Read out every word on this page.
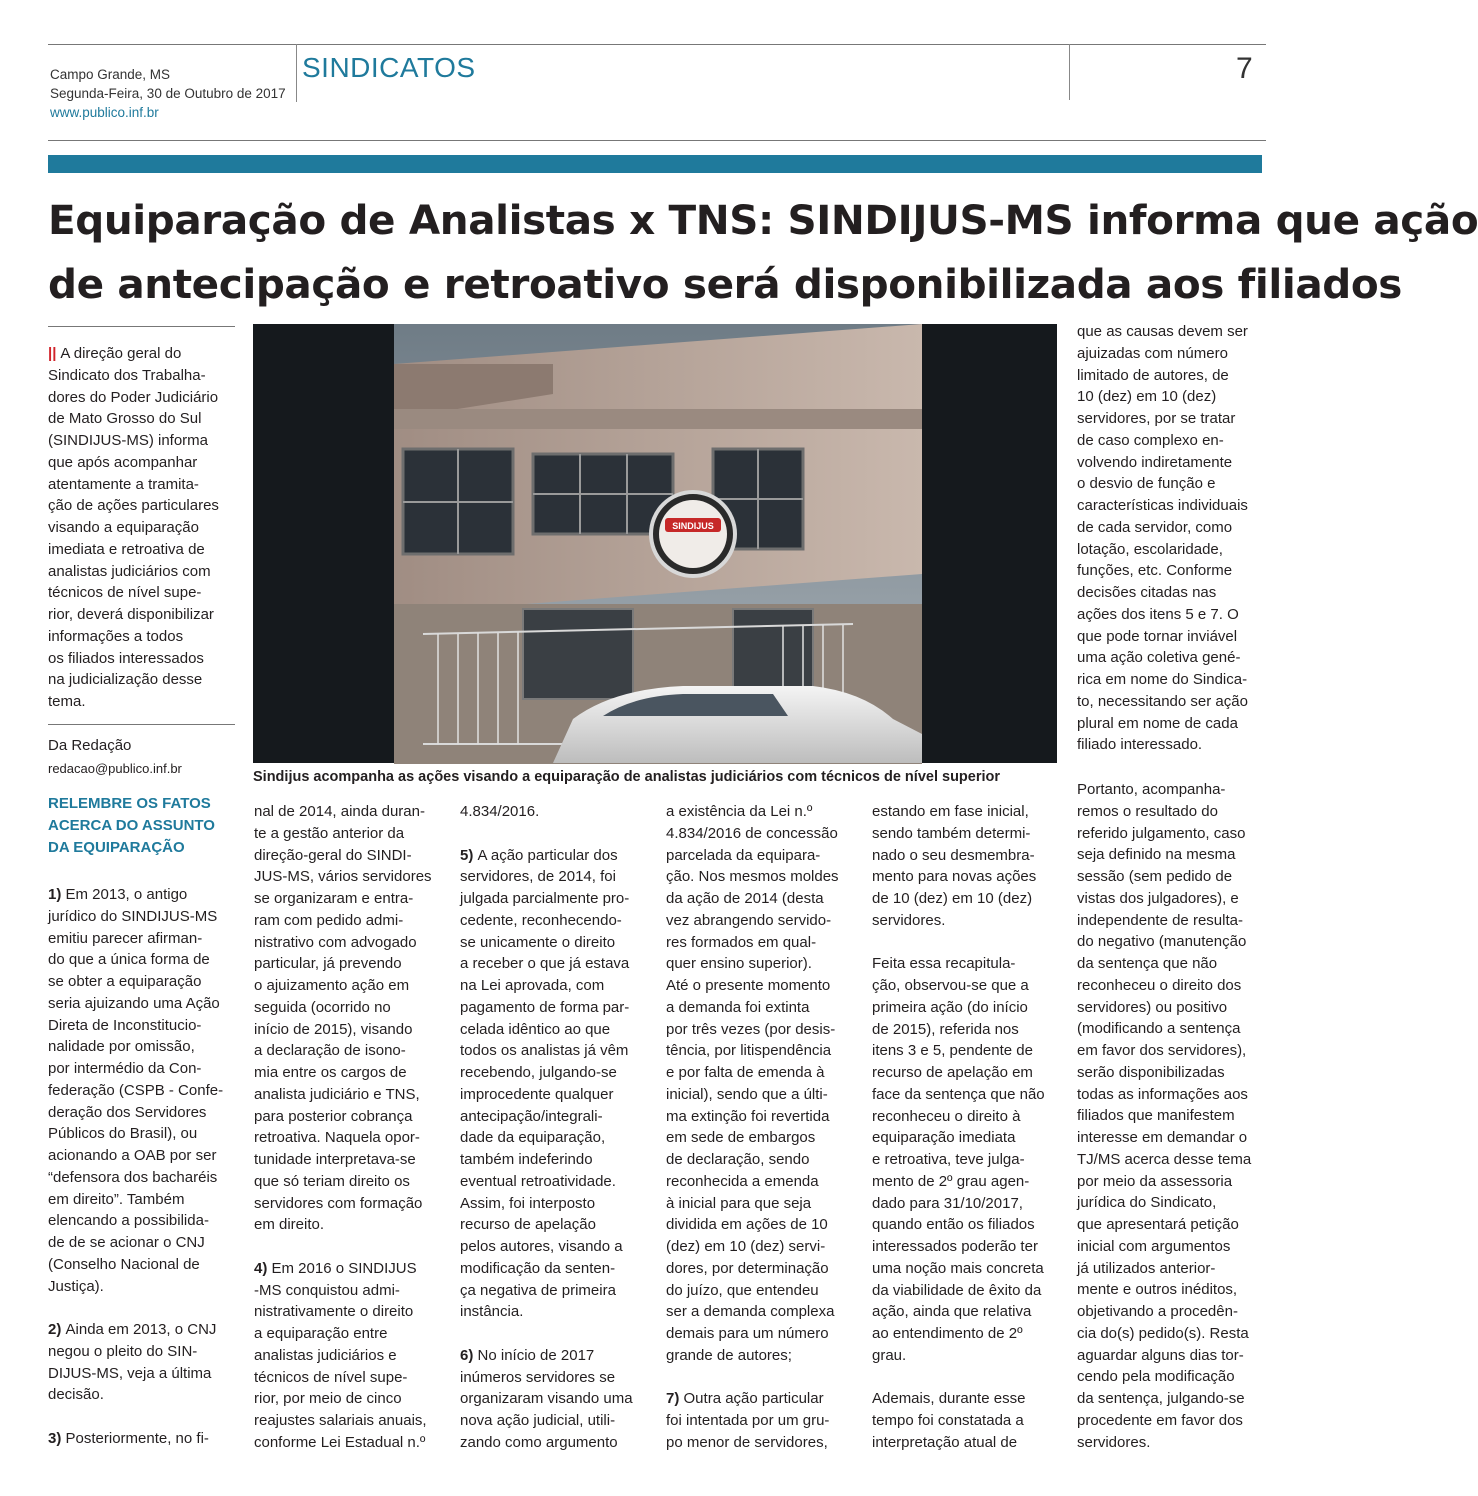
Campo Grande, MS
Segunda-Feira, 30 de Outubro de 2017
www.publico.inf.br
SINDICATOS	7
Equiparação de Analistas x TNS: SINDIJUS-MS informa que ação
de antecipação e retroativo será disponibilizada aos filiados
|| A direção geral do
Sindicato dos Trabalha-
dores do Poder Judiciário
de Mato Grosso do Sul
(SINDIJUS-MS) informa
que após acompanhar
atentamente a tramita-
ção de ações particulares
visando a equiparação
imediata e retroativa de
analistas judiciários com
técnicos de nível supe-
rior, deverá disponibilizar
informações a todos
os filiados interessados
na judicialização desse
tema.
Da Redação
redacao@publico.inf.br
RELEMBRE OS FATOS ACERCA DO ASSUNTO DA EQUIPARAÇÃO
SINDIJUS
Sindijus acompanha as ações visando a equiparação de analistas judiciários com técnicos de nível superior

1) Em 2013, o antigo
jurídico do SINDIJUS-MS
emitiu parecer afirman-
do que a única forma de
se obter a equiparação
seria ajuizando uma Ação
Direta de Inconstitucio-
nalidade por omissão,
por intermédio da Con-
federação (CSPB - Confe-
deração dos Servidores
Públicos do Brasil), ou
acionando a OAB por ser
“defensora dos bacharéis
em direito”. Também
elencando a possibilida-
de de se acionar o CNJ
(Conselho Nacional de
Justiça).

2) Ainda em 2013, o CNJ
negou o pleito do SIN-
DIJUS-MS, veja a última
decisão.

3) Posteriormente, no fi-

nal de 2014, ainda duran-
te a gestão anterior da
direção-geral do SINDI-
JUS-MS, vários servidores
se organizaram e entra-
ram com pedido admi-
nistrativo com advogado
particular, já prevendo
o ajuizamento ação em
seguida (ocorrido no
início de 2015), visando
a declaração de isono-
mia entre os cargos de
analista judiciário e TNS,
para posterior cobrança
retroativa. Naquela opor-
tunidade interpretava-se
que só teriam direito os
servidores com formação
em direito.

4) Em 2016 o SINDIJUS
-MS conquistou admi-
nistrativamente o direito
a equiparação entre
analistas judiciários e
técnicos de nível supe-
rior, por meio de cinco
reajustes salariais anuais,
conforme Lei Estadual n.º

4.834/2016.

5) A ação particular dos
servidores, de 2014, foi
julgada parcialmente pro-
cedente, reconhecendo-
se unicamente o direito
a receber o que já estava
na Lei aprovada, com
pagamento de forma par-
celada idêntico ao que
todos os analistas já vêm
recebendo, julgando-se
improcedente qualquer
antecipação/integrali-
dade da equiparação,
também indeferindo
eventual retroatividade.
Assim, foi interposto
recurso de apelação
pelos autores, visando a
modificação da senten-
ça negativa de primeira
instância.

6) No início de 2017
inúmeros servidores se
organizaram visando uma
nova ação judicial, utili-
zando como argumento

a existência da Lei n.º
4.834/2016 de concessão
parcelada da equipara-
ção. Nos mesmos moldes
da ação de 2014 (desta
vez abrangendo servido-
res formados em qual-
quer ensino superior).
Até o presente momento
a demanda foi extinta
por três vezes (por desis-
tência, por litispendência
e por falta de emenda à
inicial), sendo que a últi-
ma extinção foi revertida
em sede de embargos
de declaração, sendo
reconhecida a emenda
à inicial para que seja
dividida em ações de 10
(dez) em 10 (dez) servi-
dores, por determinação
do juízo, que entendeu
ser a demanda complexa
demais para um número
grande de autores;

7) Outra ação particular
foi intentada por um gru-
po menor de servidores,

estando em fase inicial,
sendo também determi-
nado o seu desmembra-
mento para novas ações
de 10 (dez) em 10 (dez)
servidores.

Feita essa recapitula-
ção, observou-se que a
primeira ação (do início
de 2015), referida nos
itens 3 e 5, pendente de
recurso de apelação em
face da sentença que não
reconheceu o direito à
equiparação imediata
e retroativa, teve julga-
mento de 2º grau agen-
dado para 31/10/2017,
quando então os filiados
interessados poderão ter
uma noção mais concreta
da viabilidade de êxito da
ação, ainda que relativa
ao entendimento de 2º
grau.

Ademais, durante esse
tempo foi constatada a
interpretação atual de

que as causas devem ser
ajuizadas com número
limitado de autores, de
10 (dez) em 10 (dez)
servidores, por se tratar
de caso complexo en-
volvendo indiretamente
o desvio de função e
características individuais
de cada servidor, como
lotação, escolaridade,
funções, etc. Conforme
decisões citadas nas
ações dos itens 5 e 7. O
que pode tornar inviável
uma ação coletiva gené-
rica em nome do Sindica-
to, necessitando ser ação
plural em nome de cada
filiado interessado.

Portanto, acompanha-
remos o resultado do
referido julgamento, caso
seja definido na mesma
sessão (sem pedido de
vistas dos julgadores), e
independente de resulta-
do negativo (manutenção
da sentença que não
reconheceu o direito dos
servidores) ou positivo
(modificando a sentença
em favor dos servidores),
serão disponibilizadas
todas as informações aos
filiados que manifestem
interesse em demandar o
TJ/MS acerca desse tema
por meio da assessoria
jurídica do Sindicato,
que apresentará petição
inicial com argumentos
já utilizados anterior-
mente e outros inéditos,
objetivando a procedên-
cia do(s) pedido(s). Resta
aguardar alguns dias tor-
cendo pela modificação
da sentença, julgando-se
procedente em favor dos
servidores.
